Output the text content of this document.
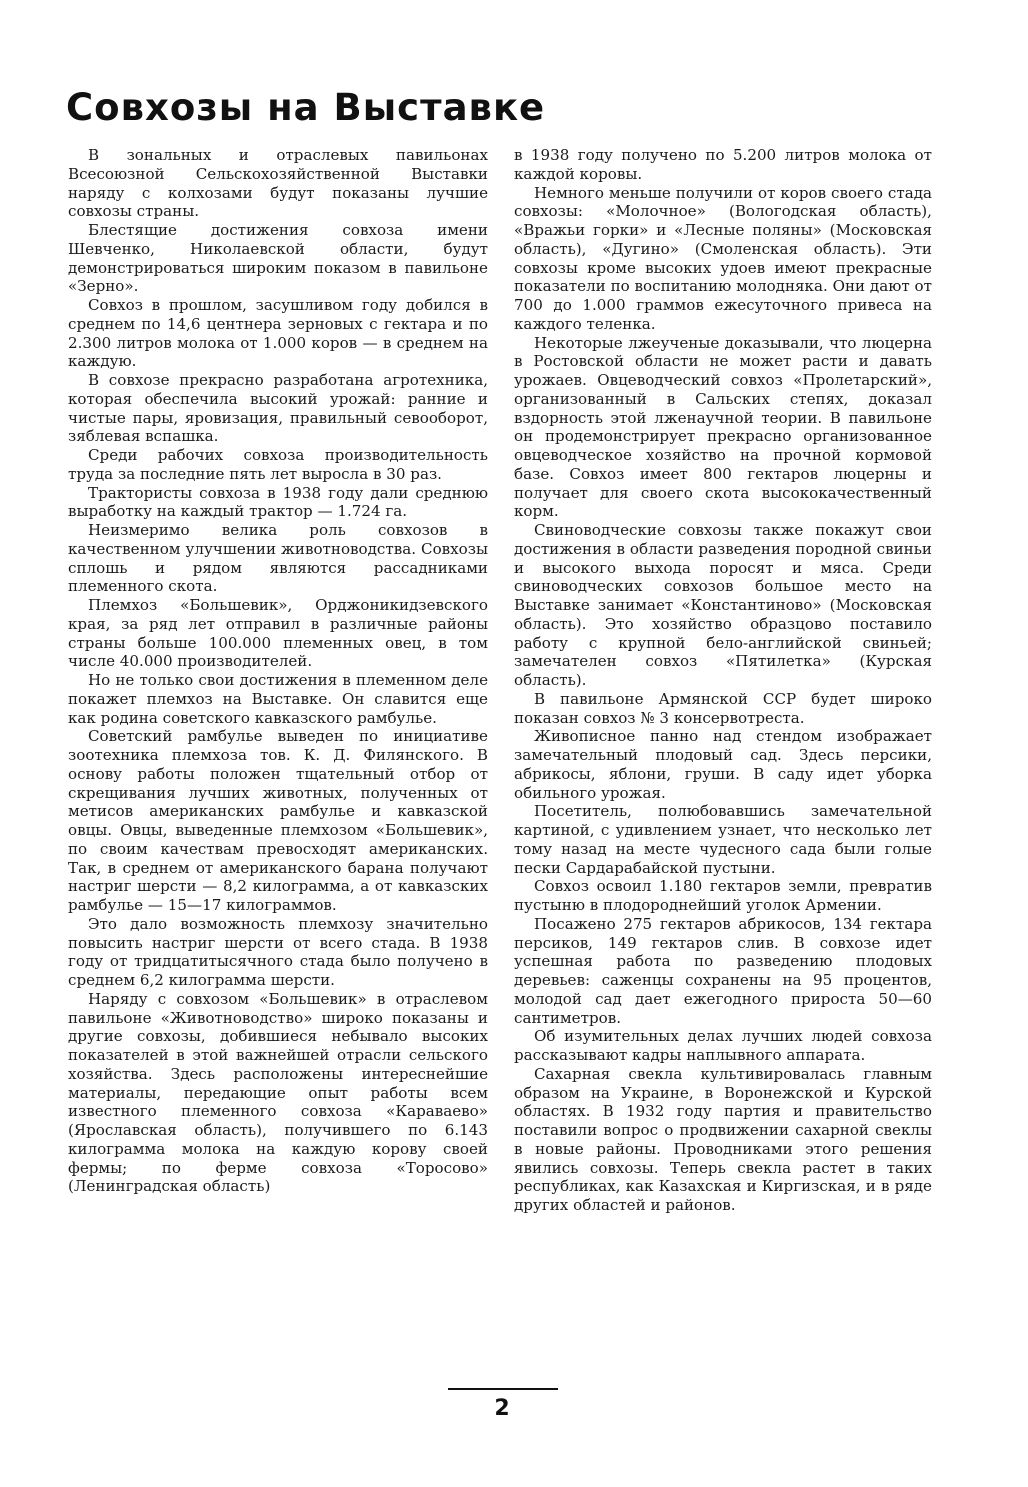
Совхозы на Выставке

В зональных и отраслевых павильонах Всесоюзной Сельскохозяйственной Выставки наряду с колхозами будут показаны лучшие совхозы страны.

Блестящие достижения совхоза имени Шевченко, Николаевской области, будут демонстрироваться широким показом в павильоне «Зерно».

Совхоз в прошлом, засушливом году добился в среднем по 14,6 центнера зерновых с гектара и по 2.300 литров молока от 1.000 коров — в среднем на каждую.

В совхозе прекрасно разработана агротехника, которая обеспечила высокий урожай: ранние и чистые пары, яровизация, правильный севооборот, зяблевая вспашка.

Среди рабочих совхоза производительность труда за последние пять лет выросла в 30 раз.

Трактористы совхоза в 1938 году дали среднюю выработку на каждый трактор — 1.724 га.

Неизмеримо велика роль совхозов в качественном улучшении животноводства. Совхозы сплошь и рядом являются рассадниками племенного скота.

Племхоз «Большевик», Орджоникидзевского края, за ряд лет отправил в различные районы страны больше 100.000 племенных овец, в том числе 40.000 производителей.

Но не только свои достижения в племенном деле покажет племхоз на Выставке. Он славится еще как родина советского кавказского рамбулье.

Советский рамбулье выведен по инициативе зоотехника племхоза тов. К. Д. Филянского. В основу работы положен тщательный отбор от скрещивания лучших животных, полученных от метисов американских рамбулье и кавказской овцы. Овцы, выведенные племхозом «Большевик», по своим качествам превосходят американских. Так, в среднем от американского барана получают настриг шерсти — 8,2 килограмма, а от кавказских рамбулье — 15—17 килограммов.

Это дало возможность племхозу значительно повысить настриг шерсти от всего стада. В 1938 году от тридцатитысячного стада было получено в среднем 6,2 килограмма шерсти.

Наряду с совхозом «Большевик» в отраслевом павильоне «Животноводство» широко показаны и другие совхозы, добившиеся небывало высоких показателей в этой важнейшей отрасли сельского хозяйства. Здесь расположены интереснейшие материалы, передающие опыт работы всем известного племенного совхоза «Караваево» (Ярославская область), получившего по 6.143 килограмма молока на каждую корову своей фермы; по ферме совхоза «Торосово» (Ленинградская область)

в 1938 году получено по 5.200 литров молока от каждой коровы.

Немного меньше получили от коров своего стада совхозы: «Молочное» (Вологодская область), «Вражьи горки» и «Лесные поляны» (Московская область), «Дугино» (Смоленская область). Эти совхозы кроме высоких удоев имеют прекрасные показатели по воспитанию молодняка. Они дают от 700 до 1.000 граммов ежесуточного привеса на каждого теленка.

Некоторые лжеученые доказывали, что люцерна в Ростовской области не может расти и давать урожаев. Овцеводческий совхоз «Пролетарский», организованный в Сальских степях, доказал вздорность этой лженаучной теории. В павильоне он продемонстрирует прекрасно организованное овцеводческое хозяйство на прочной кормовой базе. Совхоз имеет 800 гектаров люцерны и получает для своего скота высококачественный корм.

Свиноводческие совхозы также покажут свои достижения в области разведения породной свиньи и высокого выхода поросят и мяса. Среди свиноводческих совхозов большое место на Выставке занимает «Константиново» (Московская область). Это хозяйство образцово поставило работу с крупной бело-английской свиньей; замечателен совхоз «Пятилетка» (Курская область).

В павильоне Армянской ССР будет широко показан совхоз № 3 консервотреста.

Живописное панно над стендом изображает замечательный плодовый сад. Здесь персики, абрикосы, яблони, груши. В саду идет уборка обильного урожая.

Посетитель, полюбовавшись замечательной картиной, с удивлением узнает, что несколько лет тому назад на месте чудесного сада были голые пески Сардарабайской пустыни.

Совхоз освоил 1.180 гектаров земли, превратив пустыню в плодороднейший уголок Армении.

Посажено 275 гектаров абрикосов, 134 гектара персиков, 149 гектаров слив. В совхозе идет успешная работа по разведению плодовых деревьев: саженцы сохранены на 95 процентов, молодой сад дает ежегодного прироста 50—60 сантиметров.

Об изумительных делах лучших людей совхоза рассказывают кадры наплывного аппарата.

Сахарная свекла культивировалась главным образом на Украине, в Воронежской и Курской областях. В 1932 году партия и правительство поставили вопрос о продвижении сахарной свеклы в новые районы. Проводниками этого решения явились совхозы. Теперь свекла растет в таких республиках, как Казахская и Киргизская, и в ряде других областей и районов.

2
